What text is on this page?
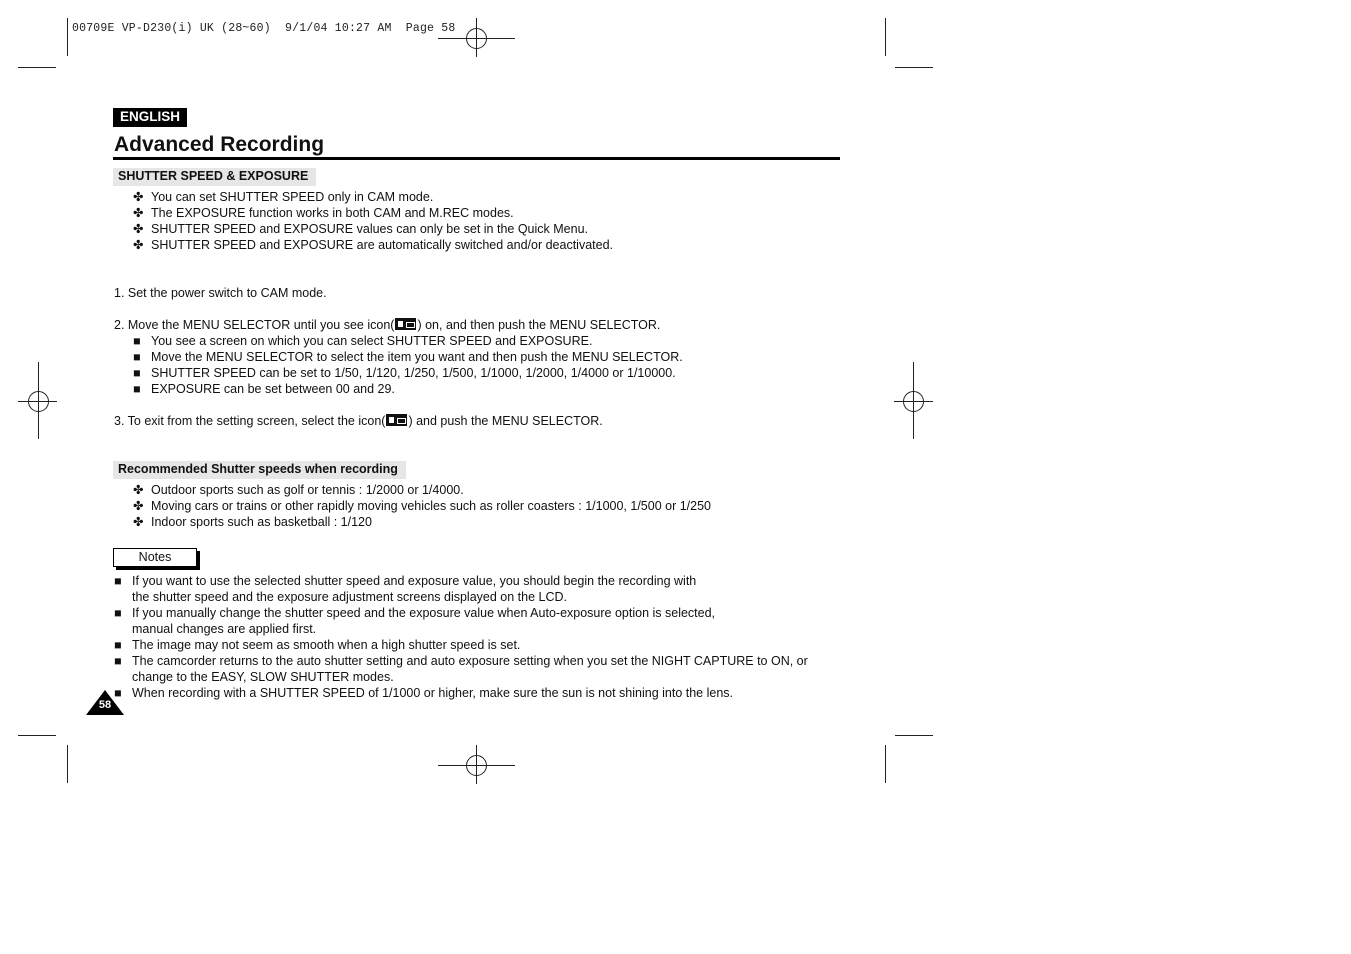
00709E VP-D230(i) UK (28~60)  9/1/04 10:27 AM  Page 58
ENGLISH
Advanced Recording
SHUTTER SPEED & EXPOSURE
✤ You can set SHUTTER SPEED only in CAM mode.
✤ The EXPOSURE function works in both CAM and M.REC modes.
✤ SHUTTER SPEED and EXPOSURE values can only be set in the Quick Menu.
✤ SHUTTER SPEED and EXPOSURE are automatically switched and/or deactivated.
1. Set the power switch to CAM mode.
2. Move the MENU SELECTOR until you see icon( ) on, and then push the MENU SELECTOR.
■ You see a screen on which you can select SHUTTER SPEED and EXPOSURE.
■ Move the MENU SELECTOR to select the item you want and then push the MENU SELECTOR.
■ SHUTTER SPEED can be set to 1/50, 1/120, 1/250, 1/500, 1/1000, 1/2000, 1/4000 or 1/10000.
■ EXPOSURE can be set between 00 and 29.
3. To exit from the setting screen, select the icon( ) and push the MENU SELECTOR.
Recommended Shutter speeds when recording
✤ Outdoor sports such as golf or tennis : 1/2000 or 1/4000.
✤ Moving cars or trains or other rapidly moving vehicles such as roller coasters : 1/1000, 1/500 or 1/250
✤ Indoor sports such as basketball : 1/120
Notes
■ If you want to use the selected shutter speed and exposure value, you should begin the recording with
the shutter speed and the exposure adjustment screens displayed on the LCD.
■ If you manually change the shutter speed and the exposure value when Auto-exposure option is selected,
manual changes are applied first.
■ The image may not seem as smooth when a high shutter speed is set.
■ The camcorder returns to the auto shutter setting and auto exposure setting when you set the NIGHT CAPTURE to ON, or
change to the EASY, SLOW SHUTTER modes.
■ When recording with a SHUTTER SPEED of 1/1000 or higher, make sure the sun is not shining into the lens.
58
